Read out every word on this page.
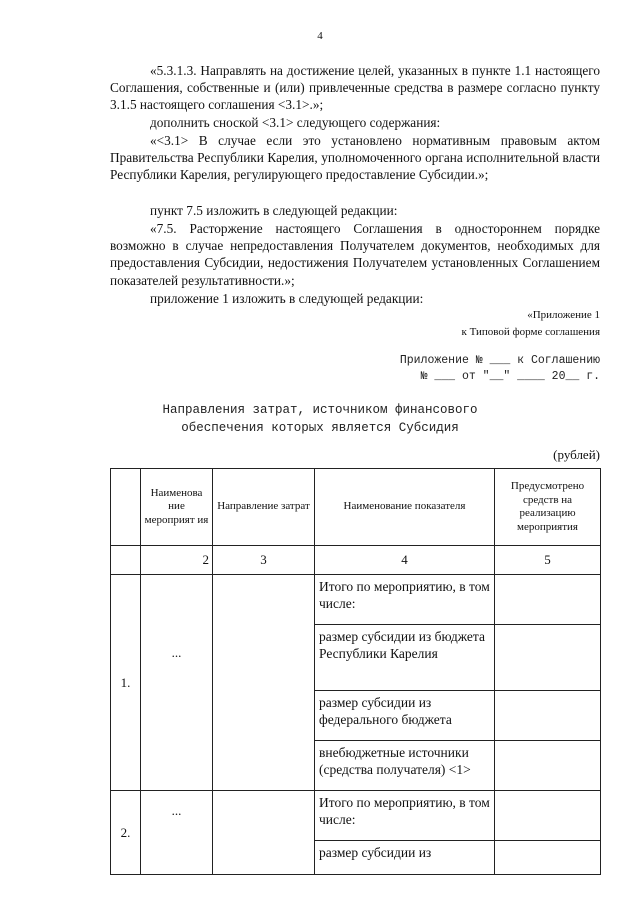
4

«5.3.1.3. Направлять на достижение целей, указанных в пункте 1.1 настоящего Соглашения, собственные и (или) привлеченные средства в размере согласно пункту 3.1.5 настоящего соглашения <3.1>.»;

дополнить сноской <3.1> следующего содержания:

«<3.1> В случае если это установлено нормативным правовым актом Правительства Республики Карелия, уполномоченного органа исполнительной власти Республики Карелия, регулирующего предоставление Субсидии.»;

пункт 7.5 изложить в следующей редакции:

«7.5. Расторжение настоящего Соглашения в одностороннем порядке возможно в случае непредоставления Получателем документов, необходимых для предоставления Субсидии, недостижения Получателем установленных Соглашением показателей результативности.»;

приложение 1 изложить в следующей редакции:

«Приложение 1
к Типовой форме соглашения
Приложение № ___ к Соглашению
№ ___ от "__" ____ 20__ г.
Направления затрат, источником финансового
обеспечения которых является Субсидия
(рублей)
	Наименова ние мероприят ия	Направление затрат	Наименование показателя	Предусмотрено средств на реализацию мероприятия
	2	3	4	5
1.	...		Итого по мероприятию, в том числе:	
			размер субсидии из бюджета Республики Карелия	
			размер субсидии из федерального бюджета	
			внебюджетные источники (средства получателя) <1>	
2.	...		Итого по мероприятию, в том числе:	
			размер субсидии из	
